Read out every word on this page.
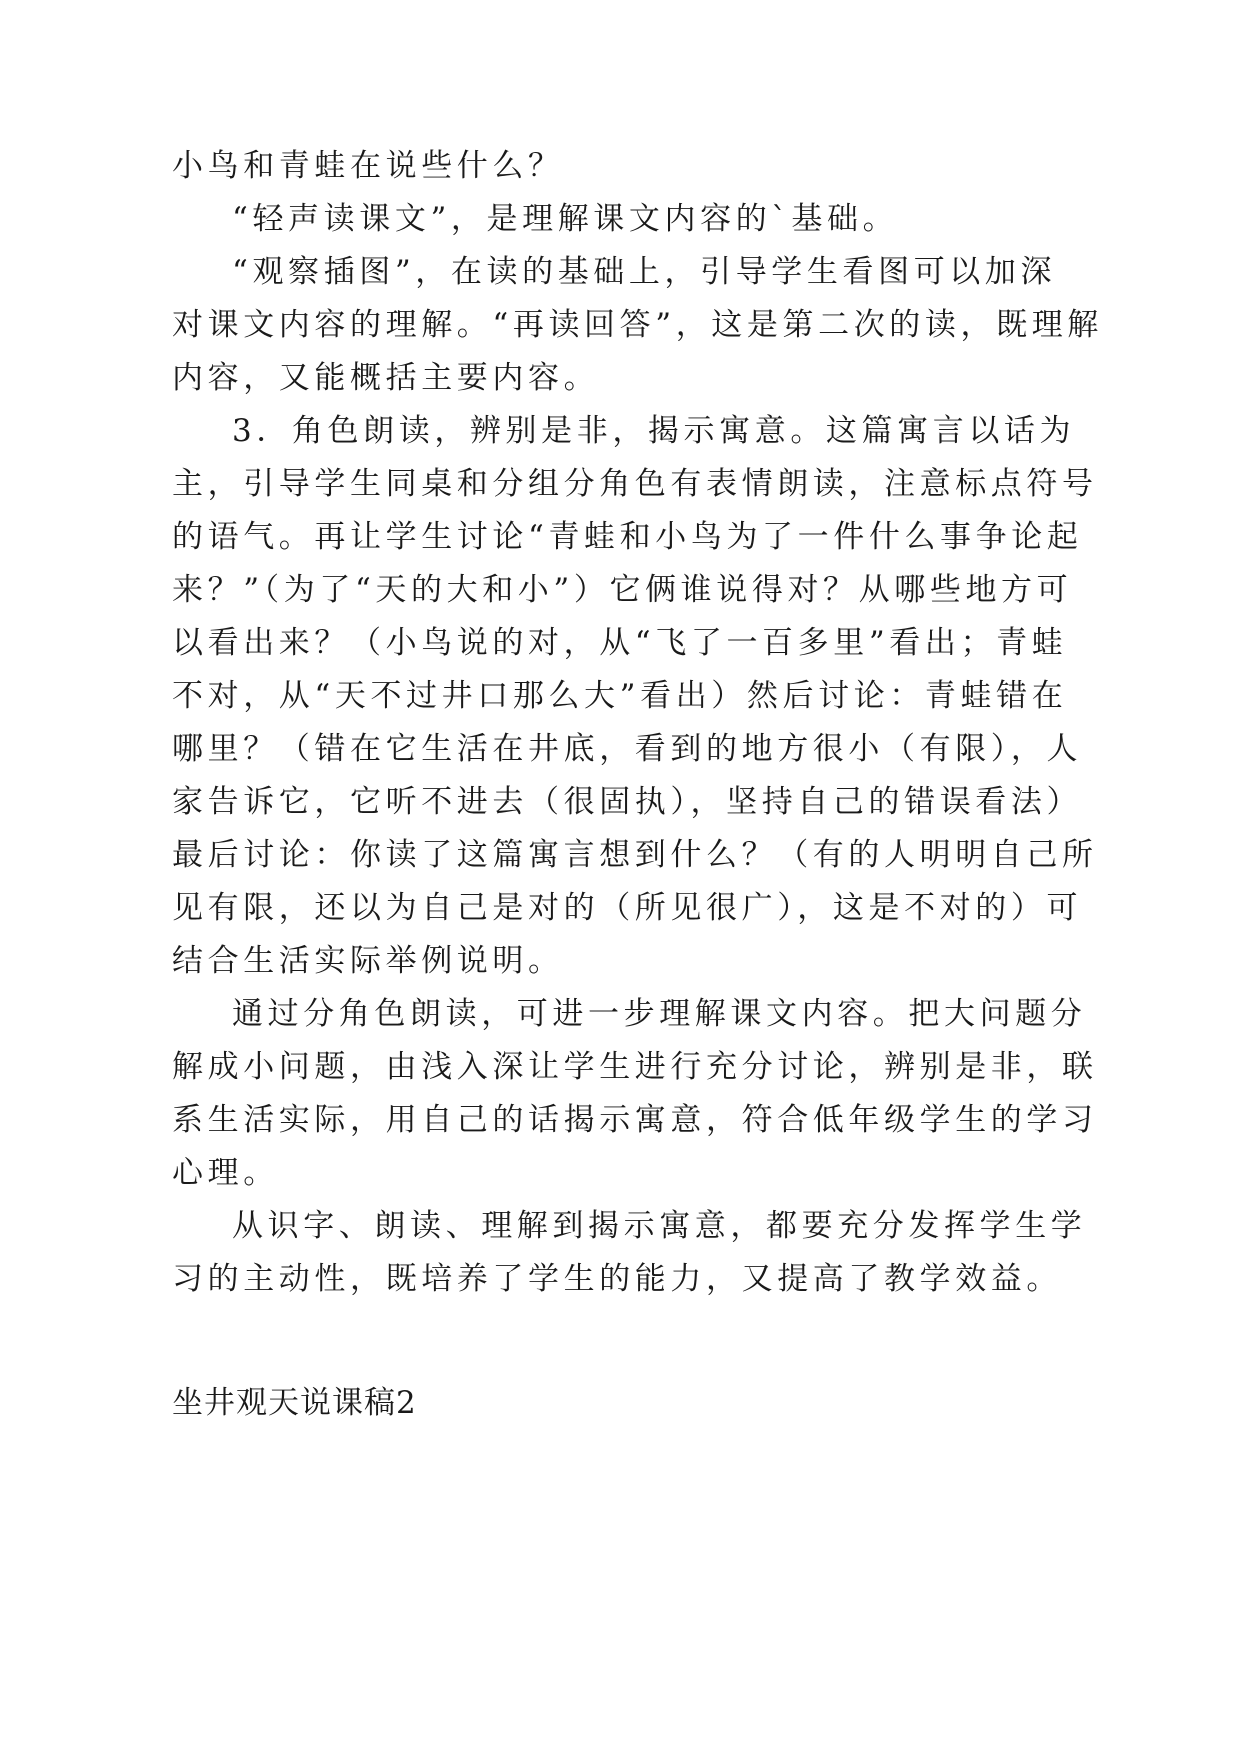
小鸟和青蛙在说些什么？
“轻声读课文”，是理解课文内容的`基础。
“观察插图”，在读的基础上，引导学生看图可以加深
对课文内容的理解。“再读回答”，这是第二次的读，既理解
内容，又能概括主要内容。
3．角色朗读，辨别是非，揭示寓意。这篇寓言以话为
主，引导学生同桌和分组分角色有表情朗读，注意标点符号
的语气。再让学生讨论“青蛙和小鸟为了一件什么事争论起
来？”（为了“天的大和小”）它俩谁说得对？从哪些地方可
以看出来？（小鸟说的对，从“飞了一百多里”看出；青蛙
不对，从“天不过井口那么大”看出）然后讨论：青蛙错在
哪里？（错在它生活在井底，看到的地方很小（有限），人
家告诉它，它听不进去（很固执），坚持自己的错误看法）
最后讨论：你读了这篇寓言想到什么？（有的人明明自己所
见有限，还以为自己是对的（所见很广），这是不对的）可
结合生活实际举例说明。
通过分角色朗读，可进一步理解课文内容。把大问题分
解成小问题，由浅入深让学生进行充分讨论，辨别是非，联
系生活实际，用自己的话揭示寓意，符合低年级学生的学习
心理。
从识字、朗读、理解到揭示寓意，都要充分发挥学生学
习的主动性，既培养了学生的能力，又提高了教学效益。
坐井观天说课稿2
